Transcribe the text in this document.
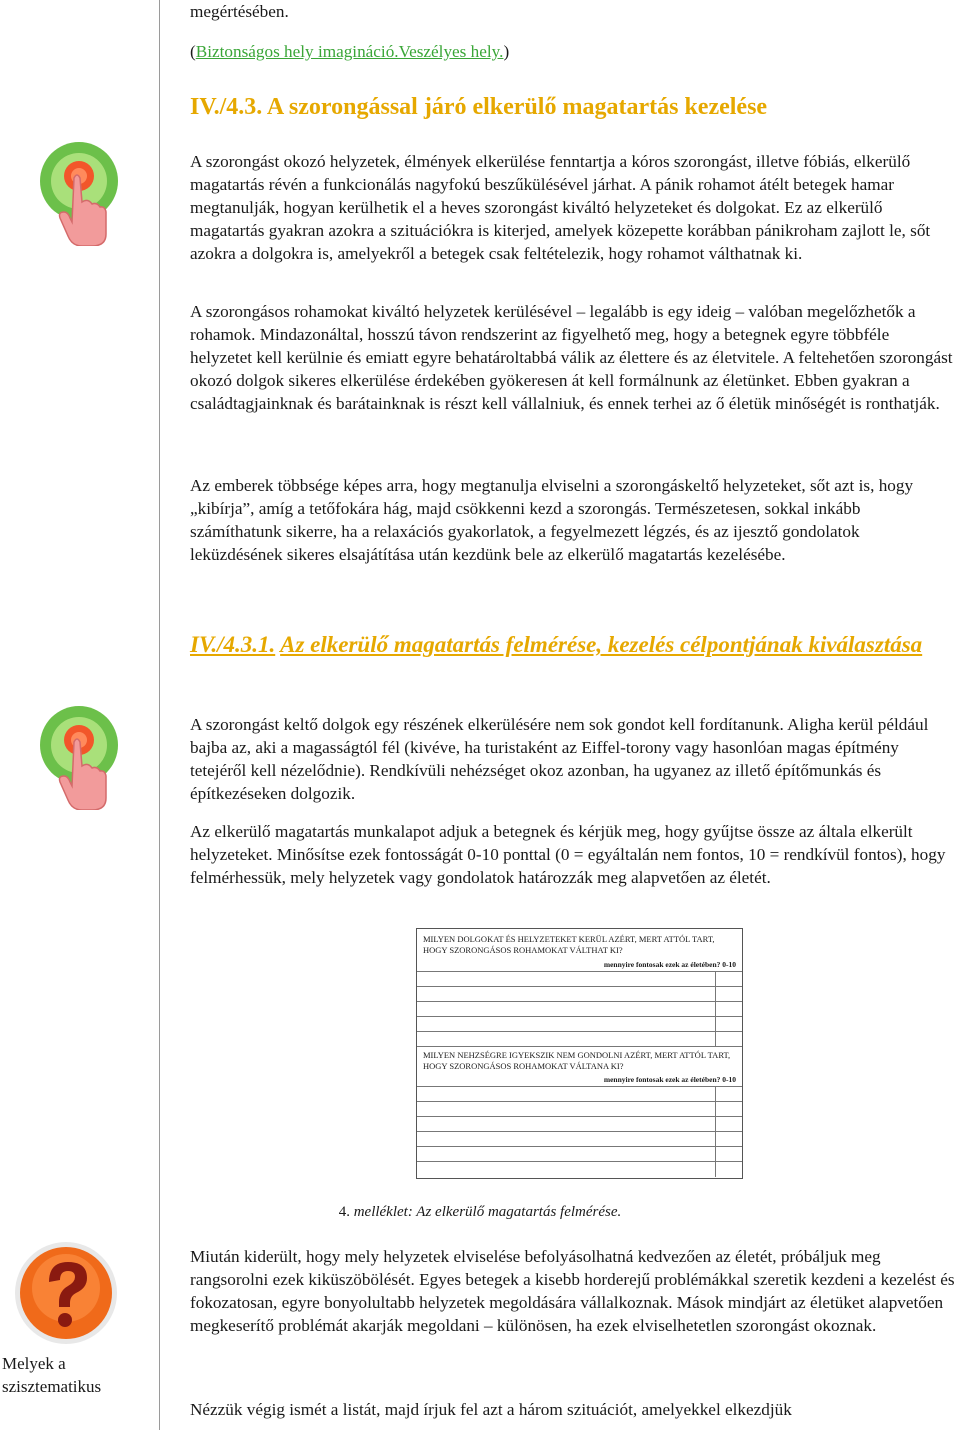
megértésében.

(Biztonságos hely imagináció.Veszélyes hely.)

IV./4.3. A szorongással járó elkerülő magatartás kezelése

A szorongást okozó helyzetek, élmények elkerülése fenntartja a kóros szorongást, illetve fóbiás, elkerülő magatartás révén a funkcionálás nagyfokú beszűkülésével járhat. A pánik rohamot átélt betegek hamar megtanulják, hogyan kerülhetik el a heves szorongást kiváltó helyzeteket és dolgokat. Ez az elkerülő magatartás gyakran azokra a szituációkra is kiterjed, amelyek közepette korábban pánikroham zajlott le, sőt azokra a dolgokra is, amelyekről a betegek csak feltételezik, hogy rohamot válthatnak ki.

A szorongásos rohamokat kiváltó helyzetek kerülésével – legalább is egy ideig – valóban megelőzhetők a rohamok. Mindazonáltal, hosszú távon rendszerint az figyelhető meg, hogy a betegnek egyre többféle helyzetet kell kerülnie és emiatt egyre behatároltabbá válik az élettere és az életvitele. A feltehetően szorongást okozó dolgok sikeres elkerülése érdekében gyökeresen át kell formálnunk az életünket. Ebben gyakran a családtagjainknak és barátainknak is részt kell vállalniuk, és ennek terhei az ő életük minőségét is ronthatják.

Az emberek többsége képes arra, hogy megtanulja elviselni a szorongáskeltő helyzeteket, sőt azt is, hogy „kibírja”, amíg a tetőfokára hág, majd csökkenni kezd a szorongás. Természetesen, sokkal inkább számíthatunk sikerre, ha a relaxációs gyakorlatok, a fegyelmezett légzés, és az ijesztő gondolatok leküzdésének sikeres elsajátítása után kezdünk bele az elkerülő magatartás kezelésébe.

IV./4.3.1. Az elkerülő magatartás felmérése, kezelés célpontjának kiválasztása

A szorongást keltő dolgok egy részének elkerülésére nem sok gondot kell fordítanunk. Aligha kerül például bajba az, aki a magasságtól fél (kivéve, ha turistaként az Eiffel-torony vagy hasonlóan magas építmény tetejéről kell nézelődnie). Rendkívüli nehézséget okoz azonban, ha ugyanez az illető építőmunkás és építkezéseken dolgozik.

Az elkerülő magatartás munkalapot adjuk a betegnek és kérjük meg, hogy gyűjtse össze az általa elkerült helyzeteket. Minősítse ezek fontosságát 0-10 ponttal (0 = egyáltalán nem fontos, 10 = rendkívül fontos), hogy felmérhessük, mely helyzetek vagy gondolatok határozzák meg alapvetően az életét.

MILYEN DOLGOKAT ÉS HELYZETEKET KERÜL AZÉRT, MERT ATTÓL TART, HOGY SZORONGÁSOS ROHAMOKAT VÁLTHAT KI?
mennyire fontosak ezek az életében? 0-10
MILYEN NEHZSÉGRE IGYEKSZIK NEM GONDOLNI AZÉRT, MERT ATTÓL TART, HOGY SZORONGÁSOS ROHAMOKAT VÁLTANA KI?
mennyire fontosak ezek az életében? 0-10
4. melléklet: Az elkerülő magatartás felmérése.
Melyek a szisztematikus

Miután kiderült, hogy mely helyzetek elviselése befolyásolhatná kedvezően az életét, próbáljuk meg rangsorolni ezek kiküszöbölését. Egyes betegek a kisebb horderejű problémákkal szeretik kezdeni a kezelést és fokozatosan, egyre bonyolultabb helyzetek megoldására vállalkoznak. Mások mindjárt az életüket alapvetően megkeserítő problémát akarják megoldani – különösen, ha ezek elviselhetetlen szorongást okoznak.

Nézzük végig ismét a listát, majd írjuk fel azt a három szituációt, amelyekkel elkezdjük
